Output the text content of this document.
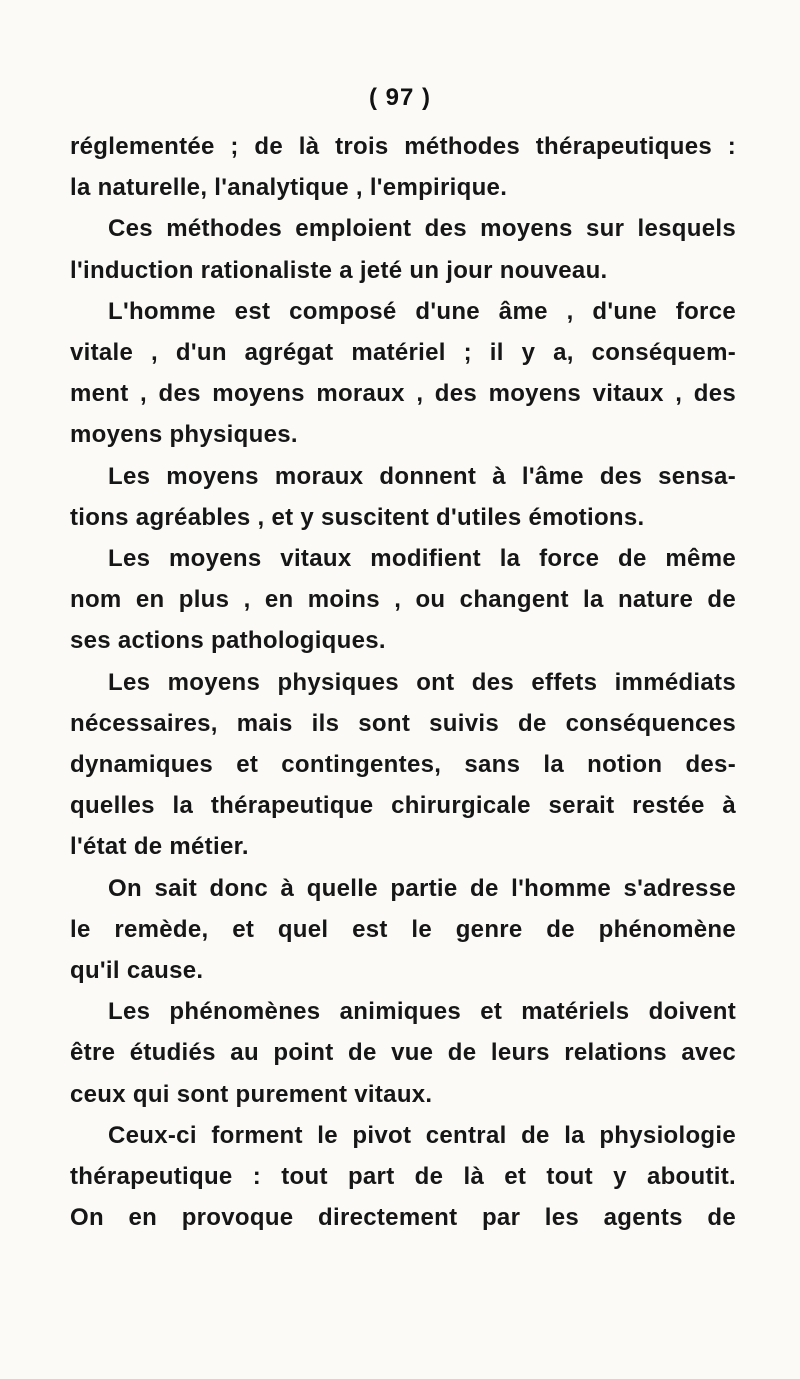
( 97 )
réglementée ; de là trois méthodes thérapeutiques :
la naturelle, l'analytique , l'empirique.
Ces méthodes emploient des moyens sur lesquels
l'induction rationaliste a jeté un jour nouveau.
L'homme est composé d'une âme , d'une force
vitale , d'un agrégat matériel ; il y a, conséquem-
ment , des moyens moraux , des moyens vitaux , des
moyens physiques.
Les moyens moraux donnent à l'âme des sensa-
tions agréables , et y suscitent d'utiles émotions.
Les moyens vitaux modifient la force de même
nom en plus , en moins , ou changent la nature de
ses actions pathologiques.
Les moyens physiques ont des effets immédiats
nécessaires, mais ils sont suivis de conséquences
dynamiques et contingentes, sans la notion des-
quelles la thérapeutique chirurgicale serait restée à
l'état de métier.
On sait donc à quelle partie de l'homme s'adresse
le remède, et quel est le genre de phénomène
qu'il cause.
Les phénomènes animiques et matériels doivent
être étudiés au point de vue de leurs relations avec
ceux qui sont purement vitaux.
Ceux-ci forment le pivot central de la physiologie
thérapeutique : tout part de là et tout y aboutit.
On en provoque directement par les agents de
